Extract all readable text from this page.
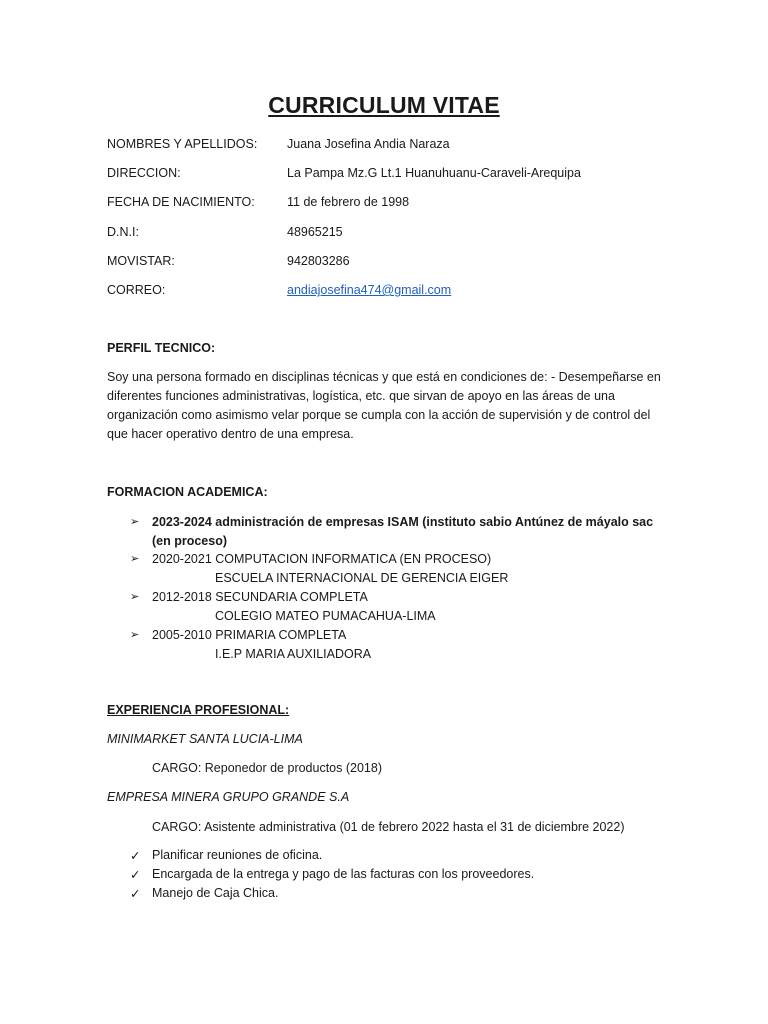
CURRICULUM VITAE
NOMBRES Y APELLIDOS: Juana Josefina Andia Naraza
DIRECCION:	La Pampa Mz.G Lt.1 Huanuhuanu-Caraveli-Arequipa
FECHA DE NACIMIENTO:	11 de febrero de 1998
D.N.I:	48965215
MOVISTAR:	942803286
CORREO:	andiajosefina474@gmail.com
PERFIL TECNICO:
Soy una persona formado en disciplinas técnicas y que está en condiciones de: - Desempeñarse en diferentes funciones administrativas, logística, etc. que sirvan de apoyo en las áreas de una organización como asimismo velar porque se cumpla con la acción de supervisión y de control del que hacer operativo dentro de una empresa.
FORMACION ACADEMICA:
➢ 2023-2024 administración de empresas ISAM (instituto sabio Antúnez de máyalo sac (en proceso)
➢ 2020-2021 COMPUTACION INFORMATICA (EN PROCESO)
ESCUELA INTERNACIONAL DE GERENCIA EIGER
➢ 2012-2018 SECUNDARIA COMPLETA
COLEGIO MATEO PUMACAHUA-LIMA
➢ 2005-2010 PRIMARIA COMPLETA
I.E.P MARIA AUXILIADORA
EXPERIENCIA PROFESIONAL:
MINIMARKET SANTA LUCIA-LIMA
CARGO: Reponedor de productos (2018)
EMPRESA MINERA GRUPO GRANDE S.A
CARGO: Asistente administrativa (01 de febrero 2022 hasta el 31 de diciembre 2022)
✓ Planificar reuniones de oficina.
✓ Encargada de la entrega y pago de las facturas con los proveedores.
✓ Manejo de Caja Chica.
